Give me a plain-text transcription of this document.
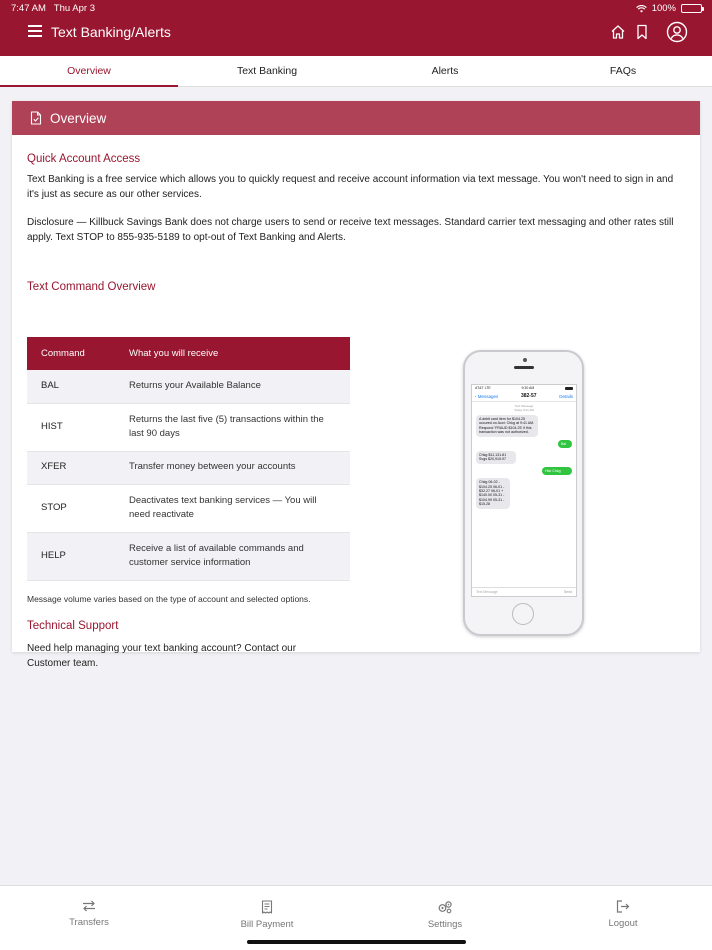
7:47 AM Thu Apr 3	100%
Text Banking/Alerts
Overview	Text Banking	Alerts	FAQs
Overview
Quick Account Access

Text Banking is a free service which allows you to quickly request and receive account information via text message. You won't need to sign in and it's just as secure as our other services.

Disclosure — Killbuck Savings Bank does not charge users to send or receive text messages. Standard carrier text messaging and other rates still apply. Text STOP to 855-935-5189 to opt-out of Text Banking and Alerts.

Text Command Overview
Command	What you will receive
BAL	Returns your Available Balance
HIST	Returns the last five (5) transactions within the last 90 days
XFER	Transfer money between your accounts
STOP	Deactivates text banking services — You will need reactivate
HELP	Receive a list of available commands and customer service information

Message volume varies based on the type of account and selected options.

Technical Support

Need help managing your text banking account? Contact our Customer team.

AT&T LTE	9:30 AM
‹ Messages	382-57	Details
Text Message
Today 9:41 AM
A debit card item for $104.25 occured on Acct: Chkg at 9:41 AM. Respond 'FRAUD $104.25' if this transaction was not authorized.
Bal
Chkg $11,131.81 Svgs $20,915.97
Hist Chkg
Chkg 06-02 - $104.25 06-01 - $32.27 06-01 + $140.00 05-31 - $104.99 05-31 - $15.28
Text Message	Send
Transfers	Bill Payment	Settings	Logout
